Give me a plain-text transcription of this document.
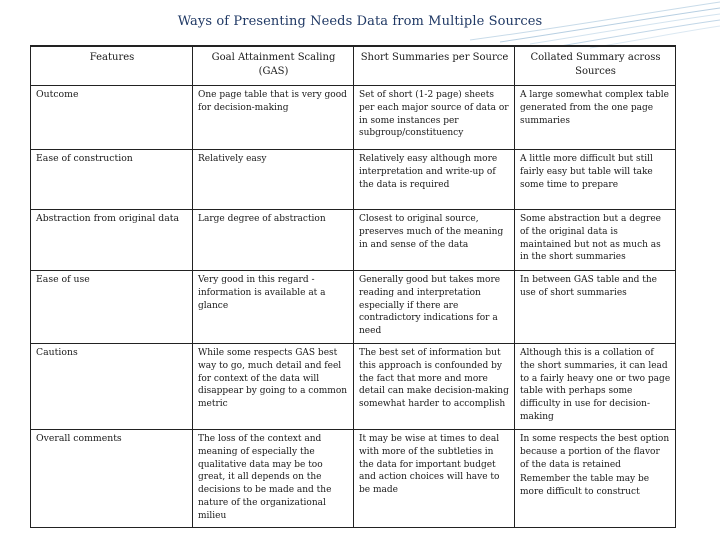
Ways of Presenting Needs Data from Multiple Sources
Features	Goal Attainment Scaling (GAS)	Short Summaries per Source	Collated Summary across Sources
Outcome	One page table that is very good for decision-making	Set of short (1-2 page) sheets per each major source of data or in some instances per subgroup/constituency	A large somewhat complex table generated from the one page summaries
Ease of construction	Relatively easy	Relatively easy although more interpretation and write-up of the data is required	A little more difficult but still fairly easy but table will take some time to prepare
Abstraction from original data	Large degree of abstraction	Closest to original source, preserves much of the meaning in and sense of the data	Some abstraction but a degree of the original data is maintained but not as much as in the short summaries
Ease of use	Very good in this regard - information is available at a glance	Generally good but takes more reading and interpretation especially if there are contradictory indications for a need	In between GAS table and the use of short summaries
Cautions	While some respects GAS best way to go, much detail and feel for context of the data will disappear by going to a common metric	The best set of information but this approach is confounded by the fact that more and more detail can make decision-making somewhat harder to accomplish	Although this is a collation of the short summaries, it can lead to a fairly heavy one or two page table with perhaps some difficulty in use for decision-making
Overall comments	The loss of the context and meaning of especially the qualitative data may be too great, it all depends on the decisions to be made and the nature of the organizational milieu	It may be wise at times to deal with more of the subtleties in the data for important budget and action choices will have to be made	In some respects the best option because a portion of the flavor of the data is retained
Remember the table may be more difficult to construct
